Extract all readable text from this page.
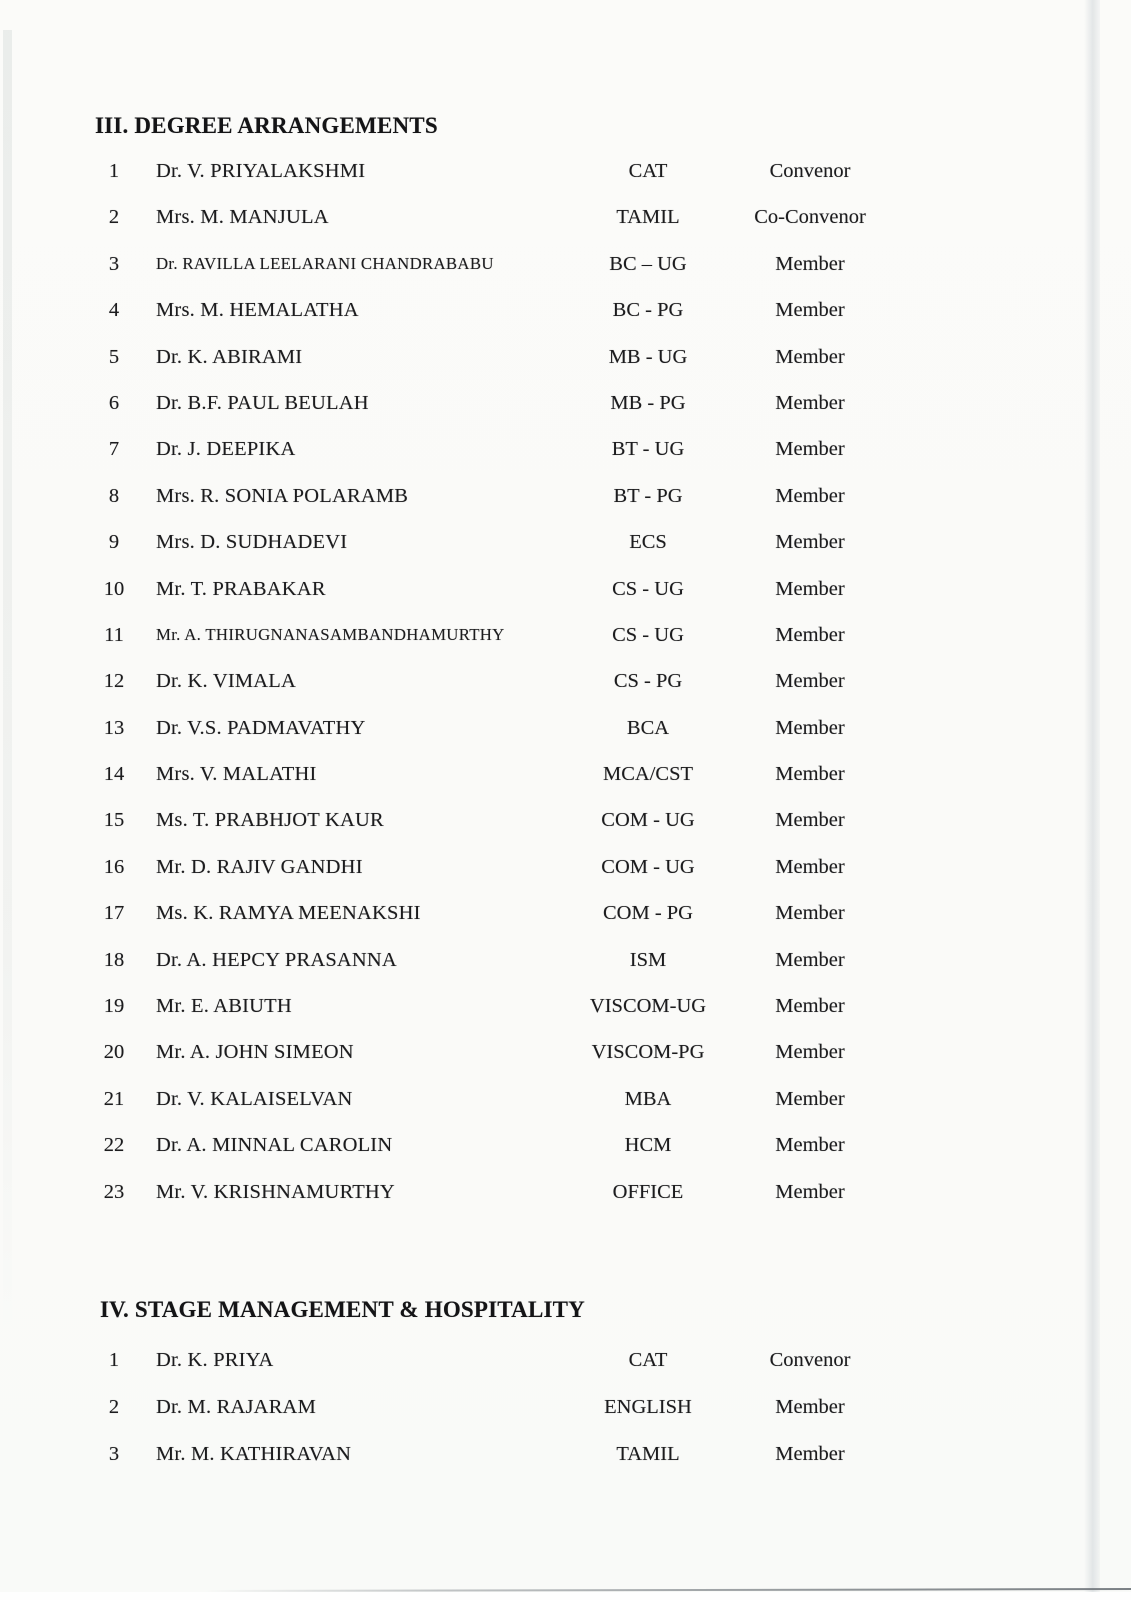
III. DEGREE ARRANGEMENTS
1	Dr. V. PRIYALAKSHMI	CAT	Convenor
2	Mrs. M. MANJULA	TAMIL	Co-Convenor
3	Dr. RAVILLA LEELARANI CHANDRABABU	BC – UG	Member
4	Mrs. M. HEMALATHA	BC - PG	Member
5	Dr. K. ABIRAMI	MB - UG	Member
6	Dr. B.F. PAUL BEULAH	MB - PG	Member
7	Dr. J. DEEPIKA	BT - UG	Member
8	Mrs. R. SONIA POLARAMB	BT - PG	Member
9	Mrs. D. SUDHADEVI	ECS	Member
10	Mr. T. PRABAKAR	CS - UG	Member
11	Mr. A. THIRUGNANASAMBANDHAMURTHY	CS - UG	Member
12	Dr. K. VIMALA	CS - PG	Member
13	Dr. V.S. PADMAVATHY	BCA	Member
14	Mrs. V. MALATHI	MCA/CST	Member
15	Ms. T. PRABHJOT KAUR	COM - UG	Member
16	Mr. D. RAJIV GANDHI	COM - UG	Member
17	Ms. K. RAMYA MEENAKSHI	COM - PG	Member
18	Dr. A. HEPCY PRASANNA	ISM	Member
19	Mr. E. ABIUTH	VISCOM-UG	Member
20	Mr. A. JOHN SIMEON	VISCOM-PG	Member
21	Dr. V. KALAISELVAN	MBA	Member
22	Dr. A. MINNAL CAROLIN	HCM	Member
23	Mr. V. KRISHNAMURTHY	OFFICE	Member
IV. STAGE MANAGEMENT & HOSPITALITY
1	Dr. K. PRIYA	CAT	Convenor
2	Dr. M. RAJARAM	ENGLISH	Member
3	Mr. M. KATHIRAVAN	TAMIL	Member
